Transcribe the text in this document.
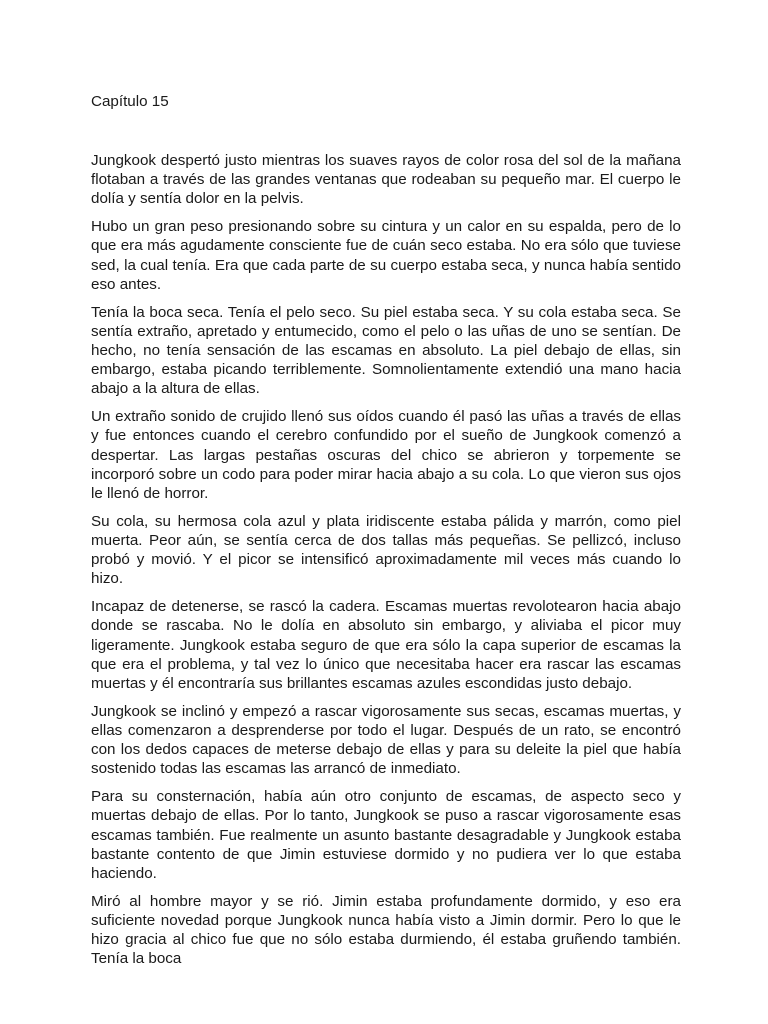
Capítulo 15

Jungkook despertó justo mientras los suaves rayos de color rosa del sol de la mañana flotaban a través de las grandes ventanas que rodeaban su pequeño mar. El cuerpo le dolía y sentía dolor en la pelvis.

Hubo un gran peso presionando sobre su cintura y un calor en su espalda, pero de lo que era más agudamente consciente fue de cuán seco estaba. No era sólo que tuviese sed, la cual tenía. Era que cada parte de su cuerpo estaba seca, y nunca había sentido eso antes.

Tenía la boca seca. Tenía el pelo seco. Su piel estaba seca. Y su cola estaba seca. Se sentía extraño, apretado y entumecido, como el pelo o las uñas de uno se sentían. De hecho, no tenía sensación de las escamas en absoluto. La piel debajo de ellas, sin embargo, estaba picando terriblemente. Somnolientamente extendió una mano hacia abajo a la altura de ellas.

Un extraño sonido de crujido llenó sus oídos cuando él pasó las uñas a través de ellas y fue entonces cuando el cerebro confundido por el sueño de Jungkook comenzó a despertar. Las largas pestañas oscuras del chico se abrieron y torpemente se incorporó sobre un codo para poder mirar hacia abajo a su cola. Lo que vieron sus ojos le llenó de horror.

Su cola, su hermosa cola azul y plata iridiscente estaba pálida y marrón, como piel muerta. Peor aún, se sentía cerca de dos tallas más pequeñas. Se pellizcó, incluso probó y movió. Y el picor se intensificó aproximadamente mil veces más cuando lo hizo.

Incapaz de detenerse, se rascó la cadera. Escamas muertas revolotearon hacia abajo donde se rascaba. No le dolía en absoluto sin embargo, y aliviaba el picor muy ligeramente. Jungkook estaba seguro de que era sólo la capa superior de escamas la que era el problema, y tal vez lo único que necesitaba hacer era rascar las escamas muertas y él encontraría sus brillantes escamas azules escondidas justo debajo.

Jungkook se inclinó y empezó a rascar vigorosamente sus secas, escamas muertas, y ellas comenzaron a desprenderse por todo el lugar. Después de un rato, se encontró con los dedos capaces de meterse debajo de ellas y para su deleite la piel que había sostenido todas las escamas las arrancó de inmediato.

Para su consternación, había aún otro conjunto de escamas, de aspecto seco y muertas debajo de ellas. Por lo tanto, Jungkook se puso a rascar vigorosamente esas escamas también. Fue realmente un asunto bastante desagradable y Jungkook estaba bastante contento de que Jimin estuviese dormido y no pudiera ver lo que estaba haciendo.

Miró al hombre mayor y se rió. Jimin estaba profundamente dormido, y eso era suficiente novedad porque Jungkook nunca había visto a Jimin dormir. Pero lo que le hizo gracia al chico fue que no sólo estaba durmiendo, él estaba gruñendo también. Tenía la boca
